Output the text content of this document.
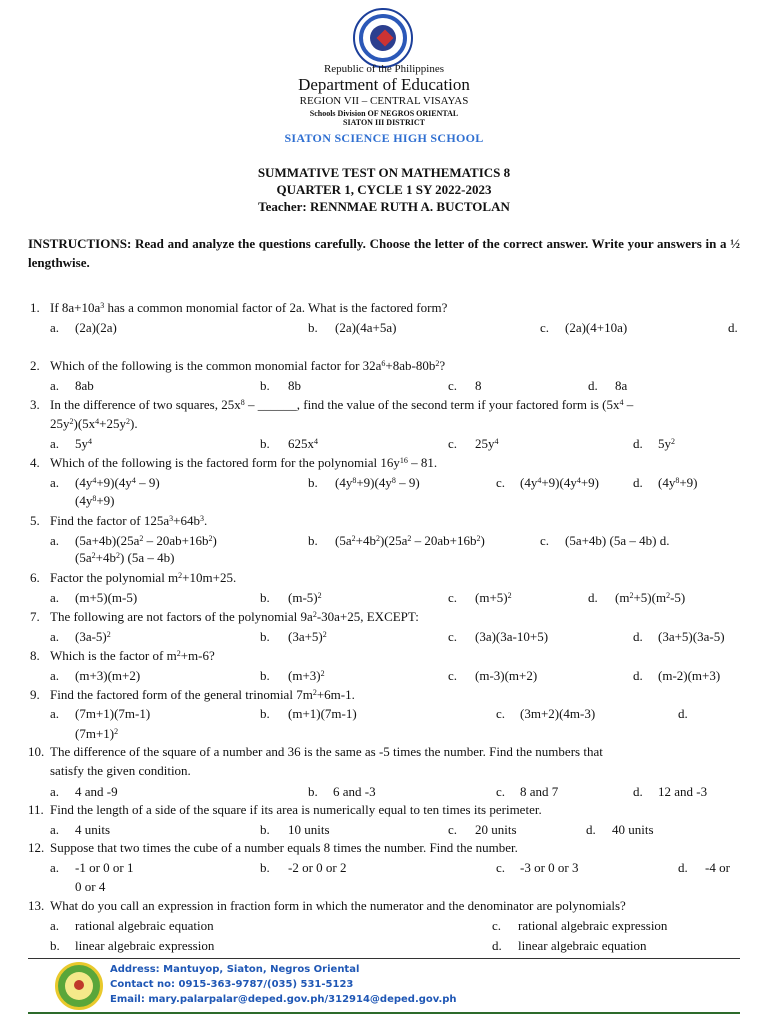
Republic of the Philippines
Department of Education
REGION VII – CENTRAL VISAYAS
Schools Division OF NEGROS ORIENTAL
SIATON III DISTRICT
SIATON SCIENCE HIGH SCHOOL
SUMMATIVE TEST ON MATHEMATICS 8
QUARTER 1, CYCLE 1 SY 2022-2023
Teacher: RENNMAE RUTH A. BUCTOLAN
INSTRUCTIONS: Read and analyze the questions carefully. Choose the letter of the correct answer. Write your answers in a ½ lengthwise.
1. If $8a+10a^3$ has a common monomial factor of 2a. What is the factored form?
a. (2a)(2a)	b. (2a)(4a+5a)	c. (2a)(4+10a)	d.
2. Which of the following is the common monomial factor for $32a^6+8ab-80b^2$?
a. 8ab	b. 8b	c. 8	d. 8a
3. In the difference of two squares, $25x^8$ – ______, find the value of the second term if your factored form is ($5x^4$ –
$25y^2)(5x^4+25y^2)$.
a. $5y^4$	b. $625x^4$	c. $25y^4$	d. $5y^2$
4. Which of the following is the factored form for the polynomial $16y^{16} - 81$.
a. $(4y^4+9)(4y^4 - 9)$	b. $(4y^8+9)(4y^8 - 9)$	c. $(4y^4+9)(4y^4+9)$	d. $(4y^8+9)$
$(4y^8+9)$
5. Find the factor of $125a^3+64b^3$.
a. $(5a+4b)(25a^2 - 20ab+16b^2)$	b. $(5a^2+4b^2)(25a^2 - 20ab+16b^2)$	c. (5a+4b) (5a – 4b) d.
$(5a^2+4b^2)$ (5a – 4b)
6. Factor the polynomial $m^2+10m+25$.
a. (m+5)(m-5)	b. $(m-5)^2$	c. $(m+5)^2$	d. $(m^2+5)(m^2-5)$
7. The following are not factors of the polynomial $9a^2-30a+25$, EXCEPT:
a. $(3a-5)^2$	b. $(3a+5)^2$	c. (3a)(3a-10+5)	d. (3a+5)(3a-5)
8. Which is the factor of $m^2+m-6$?
a. (m+3)(m+2)	b. $(m+3)^2$	c. (m-3)(m+2)	d. (m-2)(m+3)
9. Find the factored form of the general trinomial $7m^2+6m-1$.
a. (7m+1)(7m-1)	b. (m+1)(7m-1)	c. (3m+2)(4m-3)	d.
$(7m+1)^2$
10. The difference of the square of a number and 36 is the same as -5 times the number. Find the numbers that
satisfy the given condition.
a. 4 and -9	b. 6 and -3	c. 8 and 7	d. 12 and -3
11. Find the length of a side of the square if its area is numerically equal to ten times its perimeter.
a. 4 units	b. 10 units	c. 20 units	d. 40 units
12. Suppose that two times the cube of a number equals 8 times the number. Find the number.
a. -1 or 0 or 1	b. -2 or 0 or 2	c. -3 or 0 or 3	d. -4 or
0 or 4
13. What do you call an expression in fraction form in which the numerator and the denominator are polynomials?
a. rational algebraic equation	c. rational algebraic expression
b. linear algebraic expression	d. linear algebraic equation
Address: Mantuyop, Siaton, Negros Oriental
Contact no: 0915-363-9787/(035) 531-5123
Email: mary.palarpalar@deped.gov.ph/312914@deped.gov.ph
